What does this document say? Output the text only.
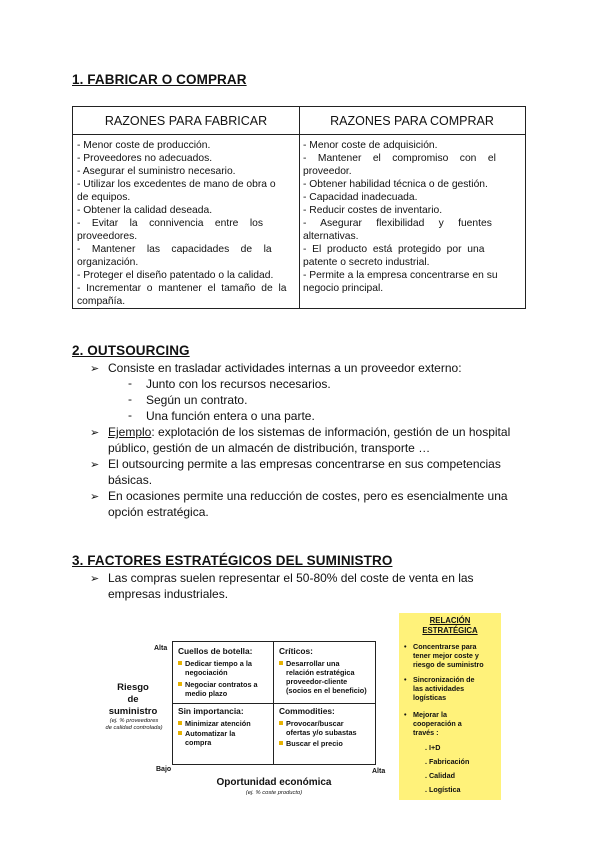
1. FABRICAR O COMPRAR
RAZONES PARA FABRICAR	RAZONES PARA COMPRAR
- Menor coste de producción.
- Proveedores no adecuados.
- Asegurar el suministro necesario.
- Utilizar los excedentes de mano de obra o
de equipos.
- Obtener la calidad deseada.
-    Evitar    la    connivencia    entre    los
proveedores.
-    Mantener    las    capacidades    de    la
organización.
- Proteger el diseño patentado o la calidad.
-  Incrementar  o  mantener  el  tamaño  de  la
compañía.
- Menor coste de adquisición.
-    Mantener    el    compromiso    con    el
proveedor.
- Obtener habilidad técnica o de gestión.
- Capacidad inadecuada.
- Reducir costes de inventario.
-     Asegurar     flexibilidad     y     fuentes
alternativas.
-  El  producto  está  protegido  por  una
patente o secreto industrial.
- Permite a la empresa concentrarse en su
negocio principal.
2. OUTSOURCING
➢ Consiste en trasladar actividades internas a un proveedor externo:
- Junto con los recursos necesarios.
- Según un contrato.
- Una función entera o una parte.
➢ Ejemplo: explotación de los sistemas de información, gestión de un hospital
público, gestión de un almacén de distribución, transporte …
➢ El outsourcing permite a las empresas concentrarse en sus competencias
básicas.
➢ En ocasiones permite una reducción de costes, pero es esencialmente una
opción estratégica.
3. FACTORES ESTRATÉGICOS DEL SUMINISTRO
➢ Las compras suelen representar el 50-80% del coste de venta en las
empresas industriales.
Alta
Bajo	Alta
Riesgo
de
suministro
(ej. % proveedores
de calidad controlada)
Cuellos de botella:
Dedicar tiempo a la
negociación
Negociar contratos a
medio plazo
Críticos:
Desarrollar una
relación estratégica
proveedor-cliente
(socios en el beneficio)
Sin importancia:
Minimizar atención
Automatizar la
compra
Commodities:
Provocar/buscar
ofertas y/o subastas
Buscar el precio
Oportunidad económica
(ej. % coste producto)
RELACIÓN
ESTRATÉGICA
• Concentrarse para
tener mejor coste y
riesgo de suministro
• Sincronización de
las actividades
logísticas
• Mejorar la
cooperación a
través :
. I+D
. Fabricación
. Calidad
. Logística
